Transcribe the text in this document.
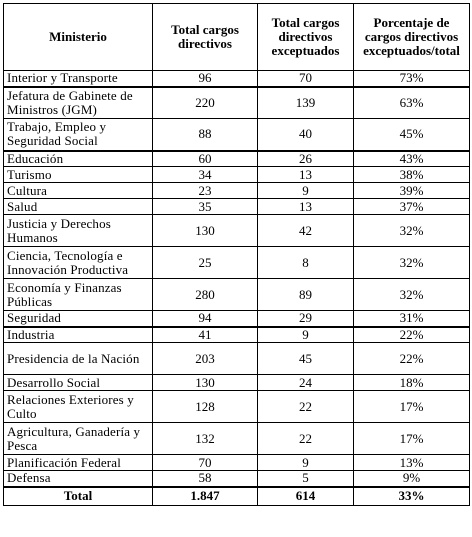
Ministerio	Total cargos directivos	Total cargos directivos exceptuados	Porcentaje de cargos directivos exceptuados/total
Interior y Transporte	96	70	73%
Jefatura de Gabinete de Ministros (JGM)	220	139	63%
Trabajo, Empleo y Seguridad Social	88	40	45%
Educación	60	26	43%
Turismo	34	13	38%
Cultura	23	9	39%
Salud	35	13	37%
Justicia y Derechos Humanos	130	42	32%
Ciencia, Tecnología e Innovación Productiva	25	8	32%
Economía y Finanzas Públicas	280	89	32%
Seguridad	94	29	31%
Industria	41	9	22%
Presidencia de la Nación	203	45	22%
Desarrollo Social	130	24	18%
Relaciones Exteriores y Culto	128	22	17%
Agricultura, Ganadería y Pesca	132	22	17%
Planificación Federal	70	9	13%
Defensa	58	5	9%
Total	1.847	614	33%
